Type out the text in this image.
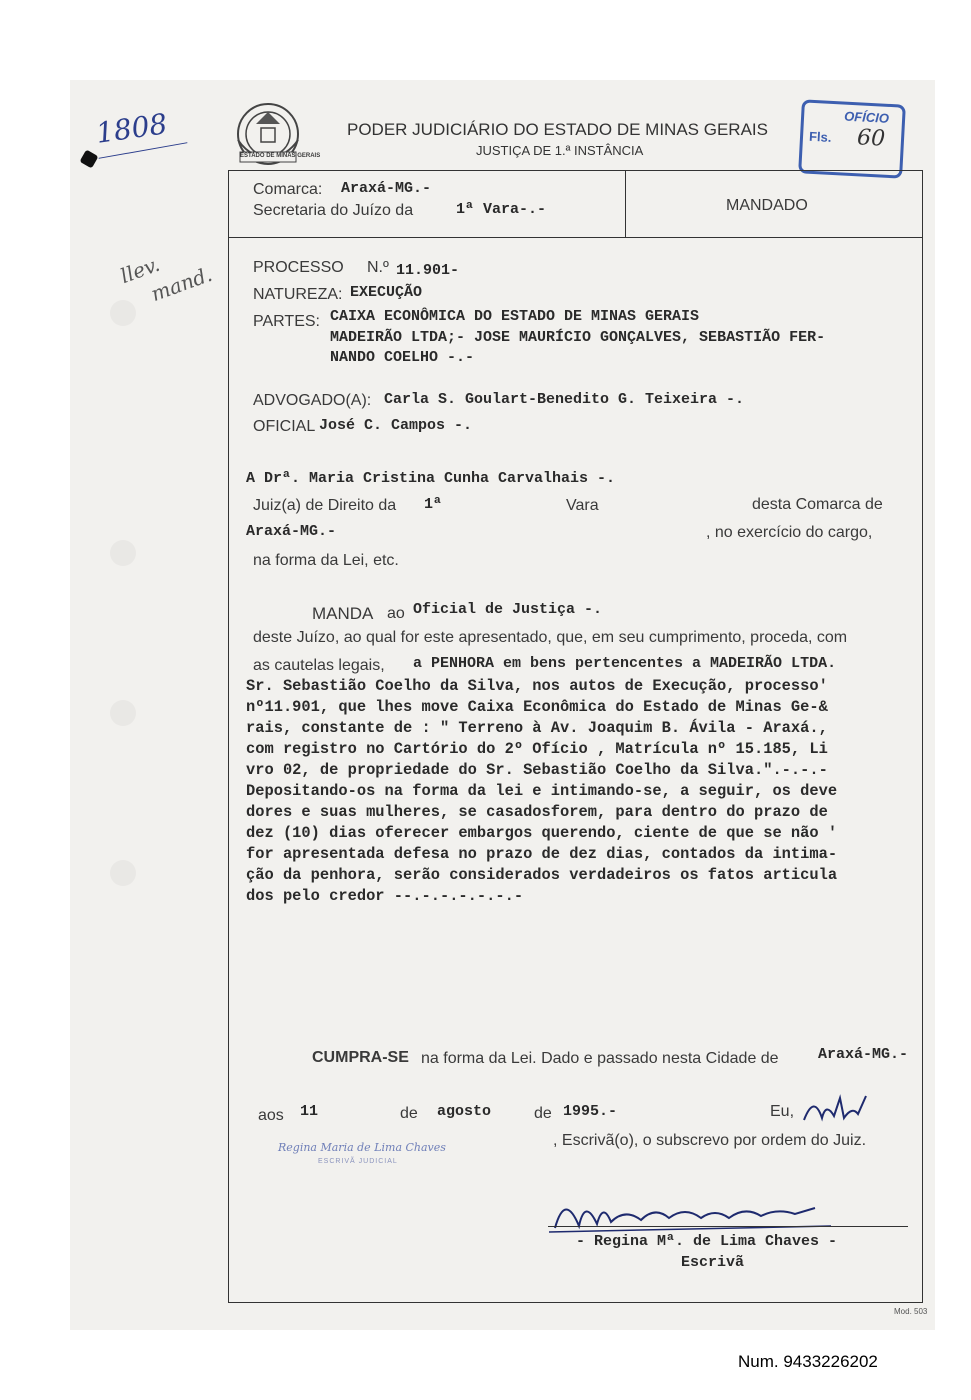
1808
llev.
mand.
ESTADO DE MINAS GERAIS
PODER JUDICIÁRIO DO ESTADO DE MINAS GERAIS
JUSTIÇA DE 1.ª INSTÂNCIA
OFÍCIO
Fls. 60
Comarca: Araxá-MG.-
Secretaria do Juízo da	1ª Vara-.-	MANDADO
PROCESSO N.º 11.901-
NATUREZA: EXECUÇÃO
PARTES: CAIXA ECONÔMICA DO ESTADO DE MINAS GERAIS
MADEIRÃO LTDA;- JOSE MAURÍCIO GONÇALVES, SEBASTIÃO FER-
NANDO COELHO -.-
ADVOGADO(A): Carla S. Goulart-Benedito G. Teixeira -.
OFICIAL José C. Campos -.
A Drª. Maria Cristina Cunha Carvalhais -.
Juiz(a) de Direito da 1ª	Vara	desta Comarca de
Araxá-MG.-	, no exercício do cargo,
na forma da Lei, etc.
MANDA ao Oficial de Justiça -.
deste Juízo, ao qual for este apresentado, que, em seu cumprimento, proceda, com
as cautelas legais, a PENHORA em bens pertencentes a MADEIRÃO LTDA.
Sr. Sebastião Coelho da Silva, nos autos de Execução, processo'
nº11.901, que lhes move Caixa Econômica do Estado de Minas Ge-&
rais, constante de : " Terreno à Av. Joaquim B. Ávila - Araxá.,
com registro no Cartório do 2º Ofício , Matrícula nº 15.185, Li
vro 02, de propriedade do Sr. Sebastião Coelho da Silva.".-.-.-
Depositando-os na forma da lei e intimando-se, a seguir, os deve
dores e suas mulheres, se casadosforem, para dentro do prazo de
dez (10) dias oferecer embargos querendo, ciente de que se não '
for apresentada defesa no prazo de dez dias, contados da intima-
ção da penhora, serão considerados verdadeiros os fatos articula
dos pelo credor --.-.-.-.-.-.-
CUMPRA-SE na forma da Lei. Dado e passado nesta Cidade de	Araxá-MG.-
aos 11	de agosto	de 1995.-	Eu,
, Escrivã(o), o subscrevo por ordem do Juiz.
Regina Maria de Lima Chaves
ESCRIVÃ JUDICIAL
- Regina Mª. de Lima Chaves -
Escrivã
Mod. 503
Num. 9433226202
